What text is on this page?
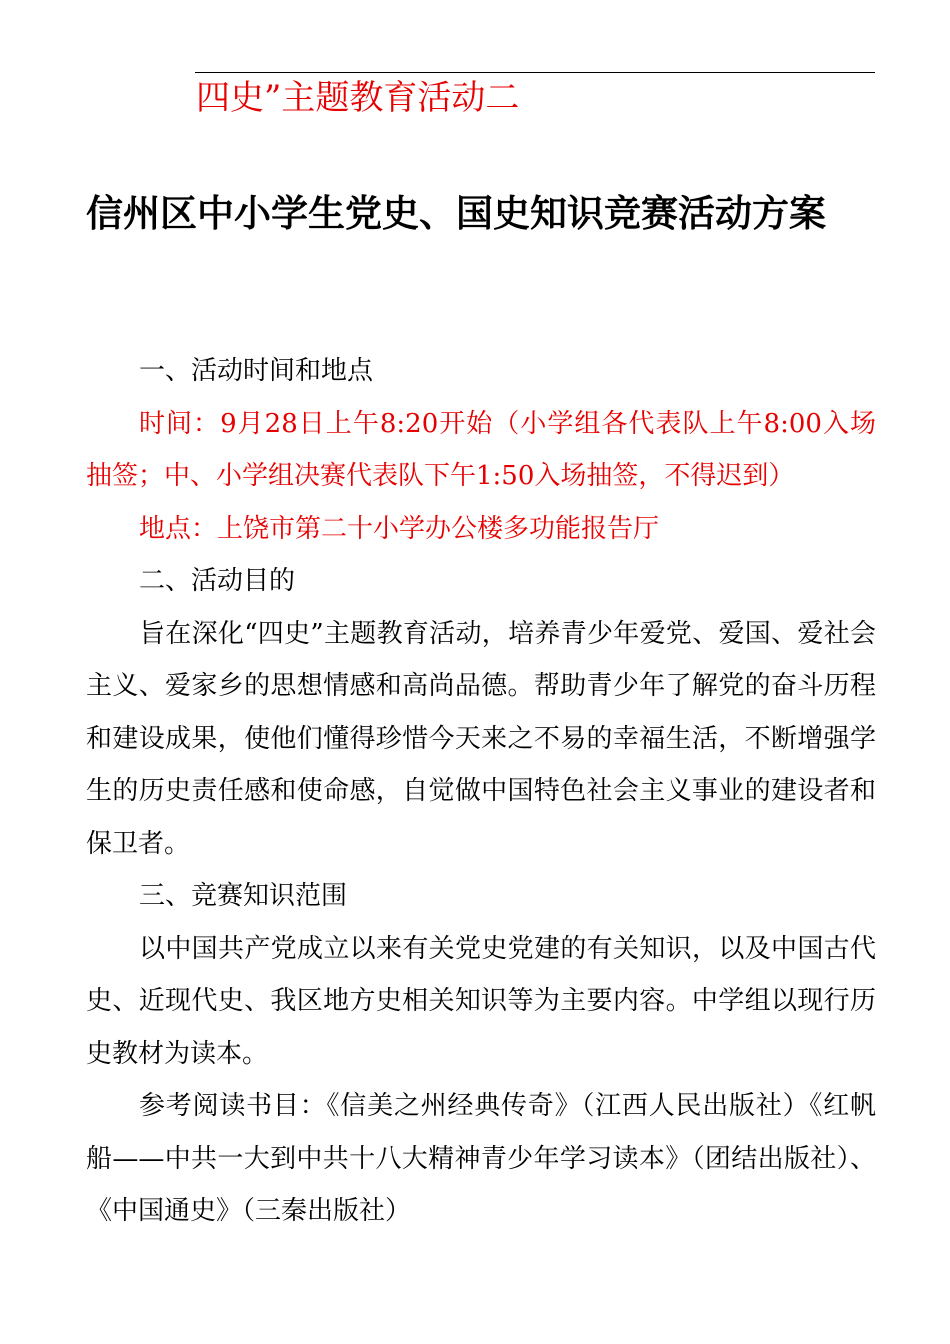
四史”主题教育活动二
信州区中小学生党史、国史知识竞赛活动方案

一、活动时间和地点

时间：9月28日上午8:20开始（小学组各代表队上午8:00入场抽签；中、小学组决赛代表队下午1:50入场抽签，不得迟到）

地点：上饶市第二十小学办公楼多功能报告厅

二、活动目的

旨在深化“四史”主题教育活动，培养青少年爱党、爱国、爱社会主义、爱家乡的思想情感和高尚品德。帮助青少年了解党的奋斗历程和建设成果，使他们懂得珍惜今天来之不易的幸福生活，不断增强学生的历史责任感和使命感，自觉做中国特色社会主义事业的建设者和保卫者。

三、竞赛知识范围

以中国共产党成立以来有关党史党建的有关知识，以及中国古代史、近现代史、我区地方史相关知识等为主要内容。中学组以现行历史教材为读本。

参考阅读书目：《信美之州经典传奇》（江西人民出版社）《红帆船——中共一大到中共十八大精神青少年学习读本》（团结出版社）、《中国通史》（三秦出版社）
